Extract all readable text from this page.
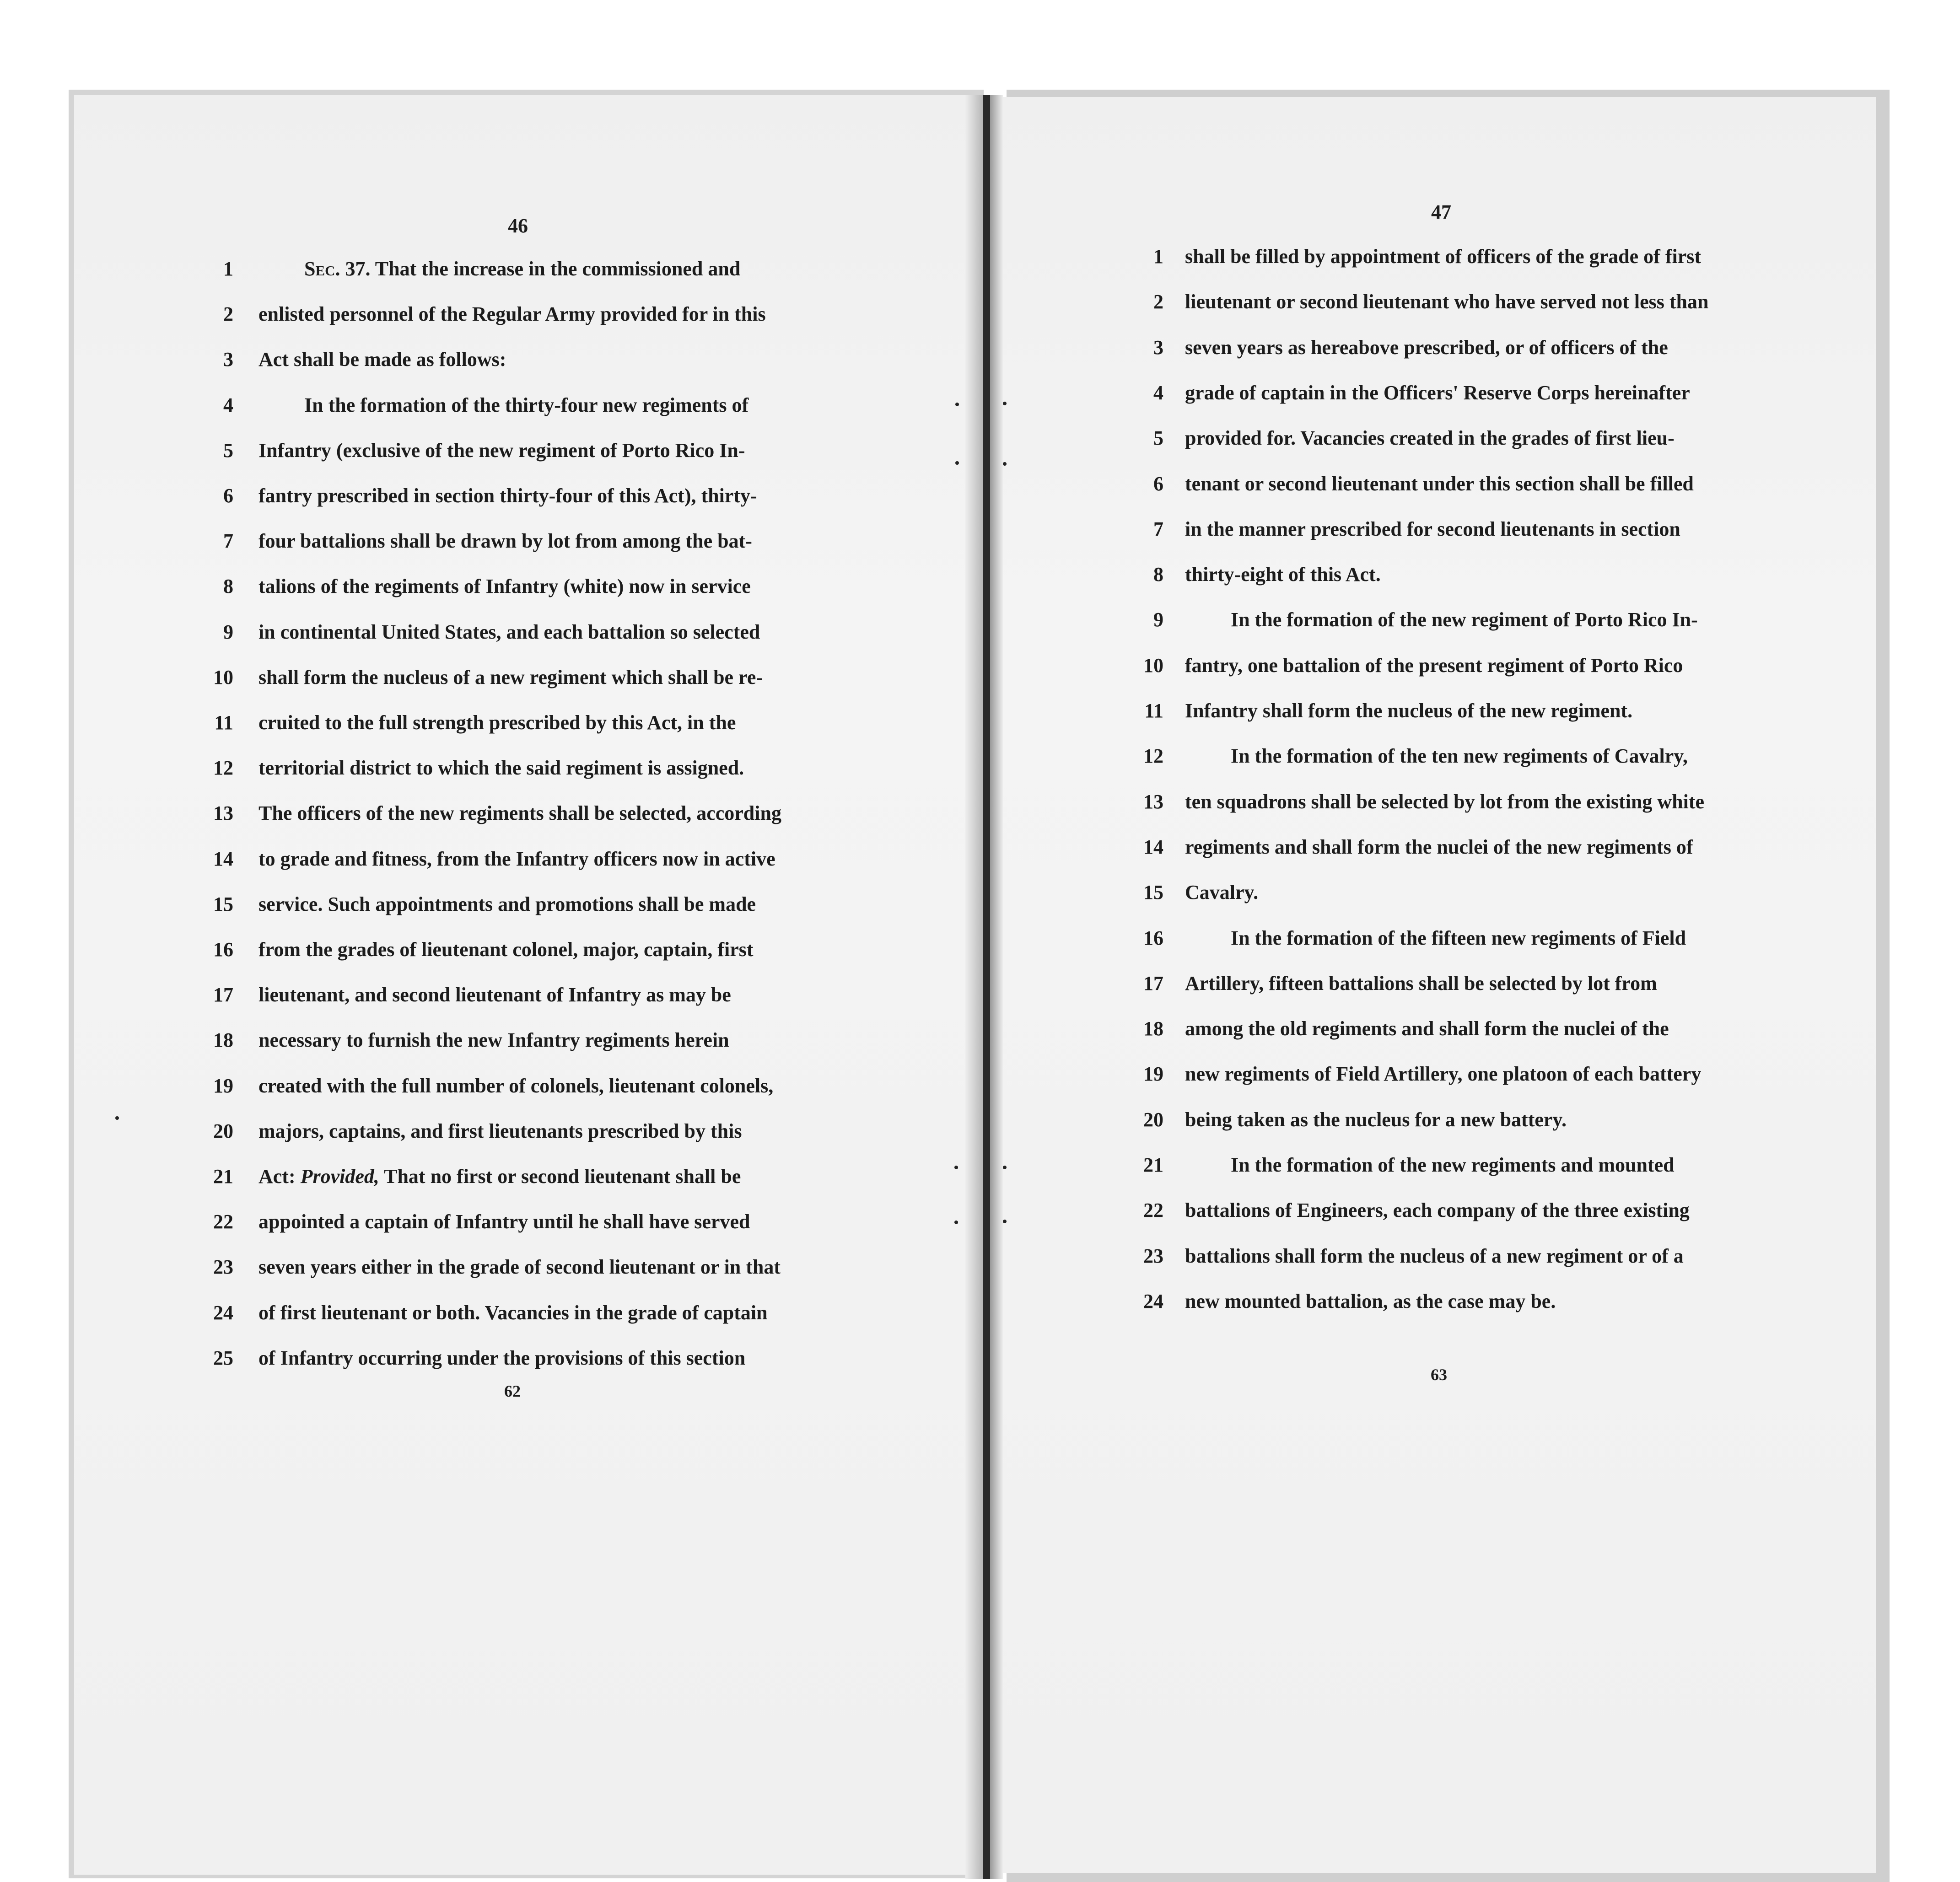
46
47
1	Sec. 37. That the increase in the commissioned and
2 enlisted personnel of the Regular Army provided for in this
3 Act shall be made as follows:
4	In the formation of the thirty-four new regiments of
5 Infantry (exclusive of the new regiment of Porto Rico In-
6 fantry prescribed in section thirty-four of this Act), thirty-
7 four battalions shall be drawn by lot from among the bat-
8 talions of the regiments of Infantry (white) now in service
9 in continental United States, and each battalion so selected
10 shall form the nucleus of a new regiment which shall be re-
11 cruited to the full strength prescribed by this Act, in the
12 territorial district to which the said regiment is assigned.
13 The officers of the new regiments shall be selected, according
14 to grade and fitness, from the Infantry officers now in active
15 service. Such appointments and promotions shall be made
16 from the grades of lieutenant colonel, major, captain, first
17 lieutenant, and second lieutenant of Infantry as may be
18 necessary to furnish the new Infantry regiments herein
19 created with the full number of colonels, lieutenant colonels,
20 majors, captains, and first lieutenants prescribed by this
21 Act: Provided, That no first or second lieutenant shall be
22 appointed a captain of Infantry until he shall have served
23 seven years either in the grade of second lieutenant or in that
24 of first lieutenant or both. Vacancies in the grade of captain
25 of Infantry occurring under the provisions of this section
1 shall be filled by appointment of officers of the grade of first
2 lieutenant or second lieutenant who have served not less than
3 seven years as hereabove prescribed, or of officers of the
4 grade of captain in the Officers' Reserve Corps hereinafter
5 provided for. Vacancies created in the grades of first lieu-
6 tenant or second lieutenant under this section shall be filled
7 in the manner prescribed for second lieutenants in section
8 thirty-eight of this Act.
9	In the formation of the new regiment of Porto Rico In-
10 fantry, one battalion of the present regiment of Porto Rico
11 Infantry shall form the nucleus of the new regiment.
12	In the formation of the ten new regiments of Cavalry,
13 ten squadrons shall be selected by lot from the existing white
14 regiments and shall form the nuclei of the new regiments of
15 Cavalry.
16	In the formation of the fifteen new regiments of Field
17 Artillery, fifteen battalions shall be selected by lot from
18 among the old regiments and shall form the nuclei of the
19 new regiments of Field Artillery, one platoon of each battery
20 being taken as the nucleus for a new battery.
21	In the formation of the new regiments and mounted
22 battalions of Engineers, each company of the three existing
23 battalions shall form the nucleus of a new regiment or of a
24 new mounted battalion, as the case may be.
62
63
